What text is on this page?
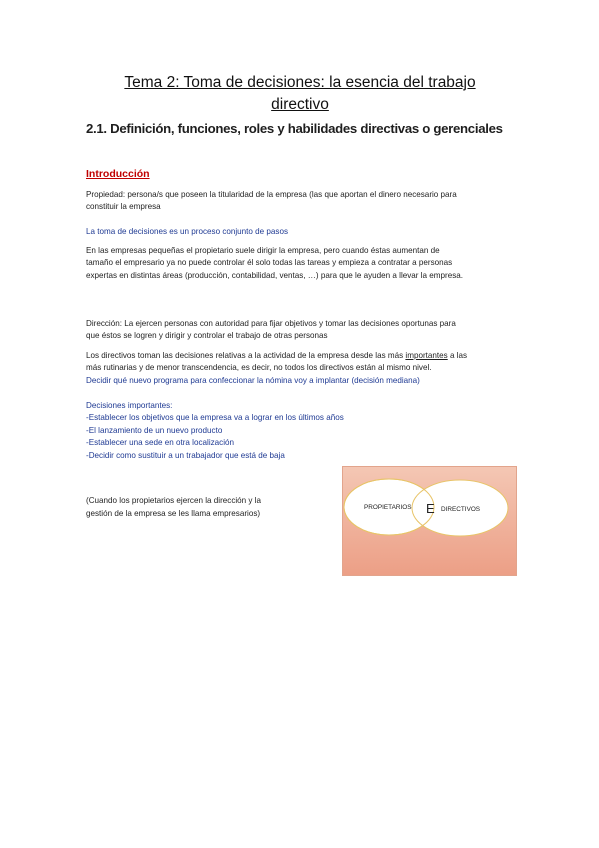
Tema 2: Toma de decisiones: la esencia del trabajo
directivo
2.1. Definición, funciones, roles y habilidades directivas o gerenciales
Introducción
Propiedad: persona/s que poseen la titularidad de la empresa (las que aportan el dinero necesario para
constituir la empresa
La toma de decisiones es un proceso conjunto de pasos
En las empresas pequeñas el propietario suele dirigir la empresa, pero cuando éstas aumentan de
tamaño el empresario ya no puede controlar él solo todas las tareas y empieza a contratar a personas
expertas en distintas áreas (producción, contabilidad, ventas, …) para que le ayuden a llevar la empresa.
Dirección: La ejercen personas con autoridad para fijar objetivos y tomar las decisiones oportunas para
que éstos se logren y dirigir y controlar el trabajo de otras personas
Los directivos toman las decisiones relativas a la actividad de la empresa desde las más importantes a las
más rutinarias y de menor transcendencia, es decir, no todos los directivos están al mismo nivel.
Decidir qué nuevo programa para confeccionar la nómina voy a implantar (decisión mediana)
Decisiones importantes:
-Establecer los objetivos que la empresa va a lograr en los últimos años
-El lanzamiento de un nuevo producto
-Establecer una sede en otra localización
-Decidir como sustituir a un trabajador que está de baja
(Cuando los propietarios ejercen la dirección y la
gestión de la empresa se les llama empresarios)
PROPIETARIOS E DIRECTIVOS
